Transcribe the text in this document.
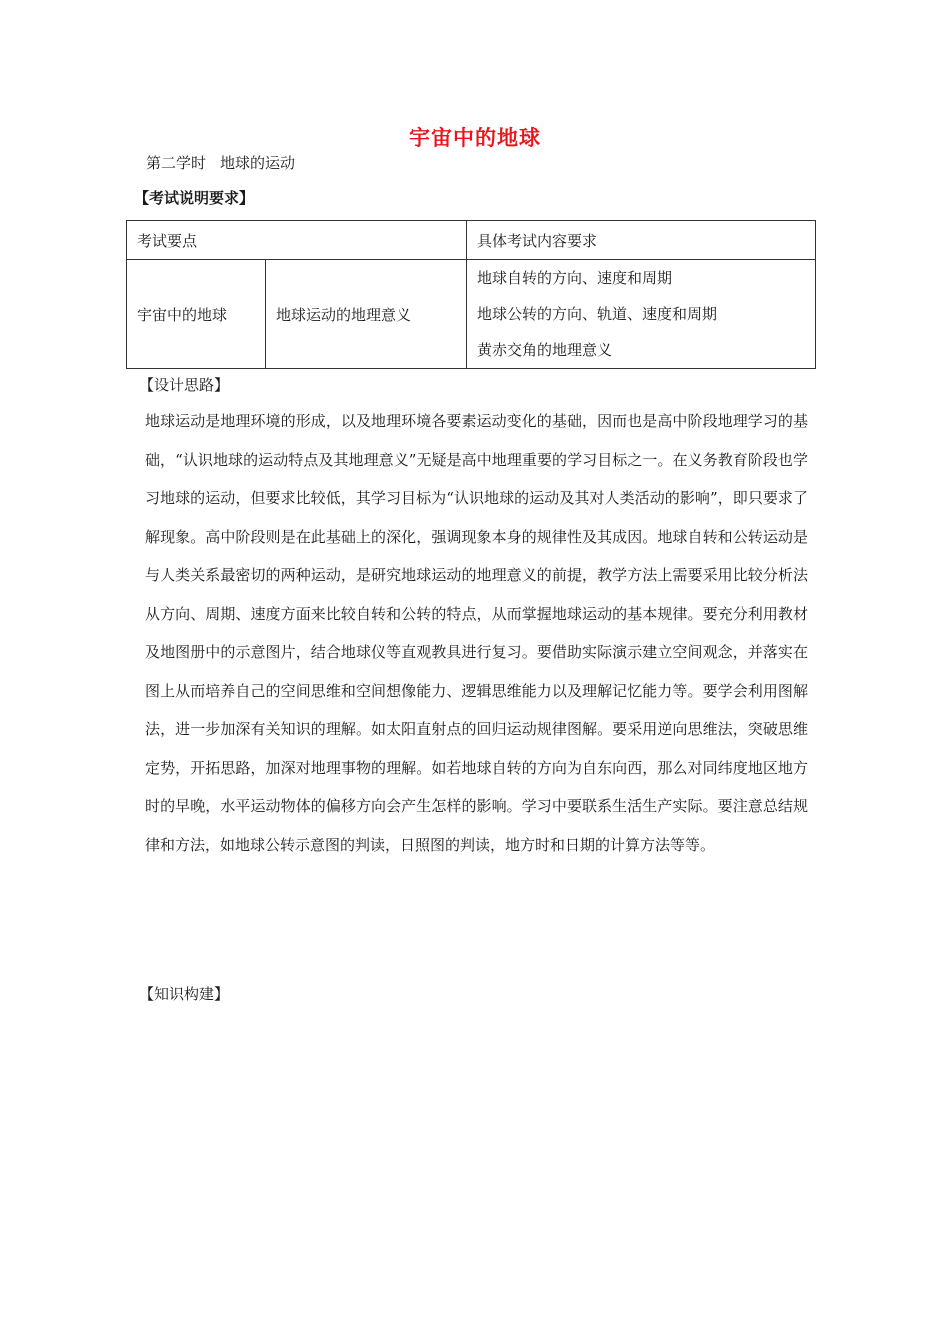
宇宙中的地球
第二学时 地球的运动
【考试说明要求】
考试要点		具体考试内容要求
宇宙中的地球	地球运动的地理意义	地球自转的方向、速度和周期
地球公转的方向、轨道、速度和周期
黄赤交角的地理意义
【设计思路】

地球运动是地理环境的形成，以及地理环境各要素运动变化的基础，因而也是高中阶段地理学习的基础，“认识地球的运动特点及其地理意义”无疑是高中地理重要的学习目标之一。在义务教育阶段也学习地球的运动，但要求比较低，其学习目标为“认识地球的运动及其对人类活动的影响”，即只要求了解现象。高中阶段则是在此基础上的深化，强调现象本身的规律性及其成因。地球自转和公转运动是与人类关系最密切的两种运动，是研究地球运动的地理意义的前提，教学方法上需要采用比较分析法从方向、周期、速度方面来比较自转和公转的特点，从而掌握地球运动的基本规律。要充分利用教材及地图册中的示意图片，结合地球仪等直观教具进行复习。要借助实际演示建立空间观念，并落实在图上从而培养自己的空间思维和空间想像能力、逻辑思维能力以及理解记忆能力等。要学会利用图解法，进一步加深有关知识的理解。如太阳直射点的回归运动规律图解。要采用逆向思维法，突破思维定势，开拓思路，加深对地理事物的理解。如若地球自转的方向为自东向西，那么对同纬度地区地方时的早晚，水平运动物体的偏移方向会产生怎样的影响。学习中要联系生活生产实际。要注意总结规律和方法，如地球公转示意图的判读，日照图的判读，地方时和日期的计算方法等等。

【知识构建】
